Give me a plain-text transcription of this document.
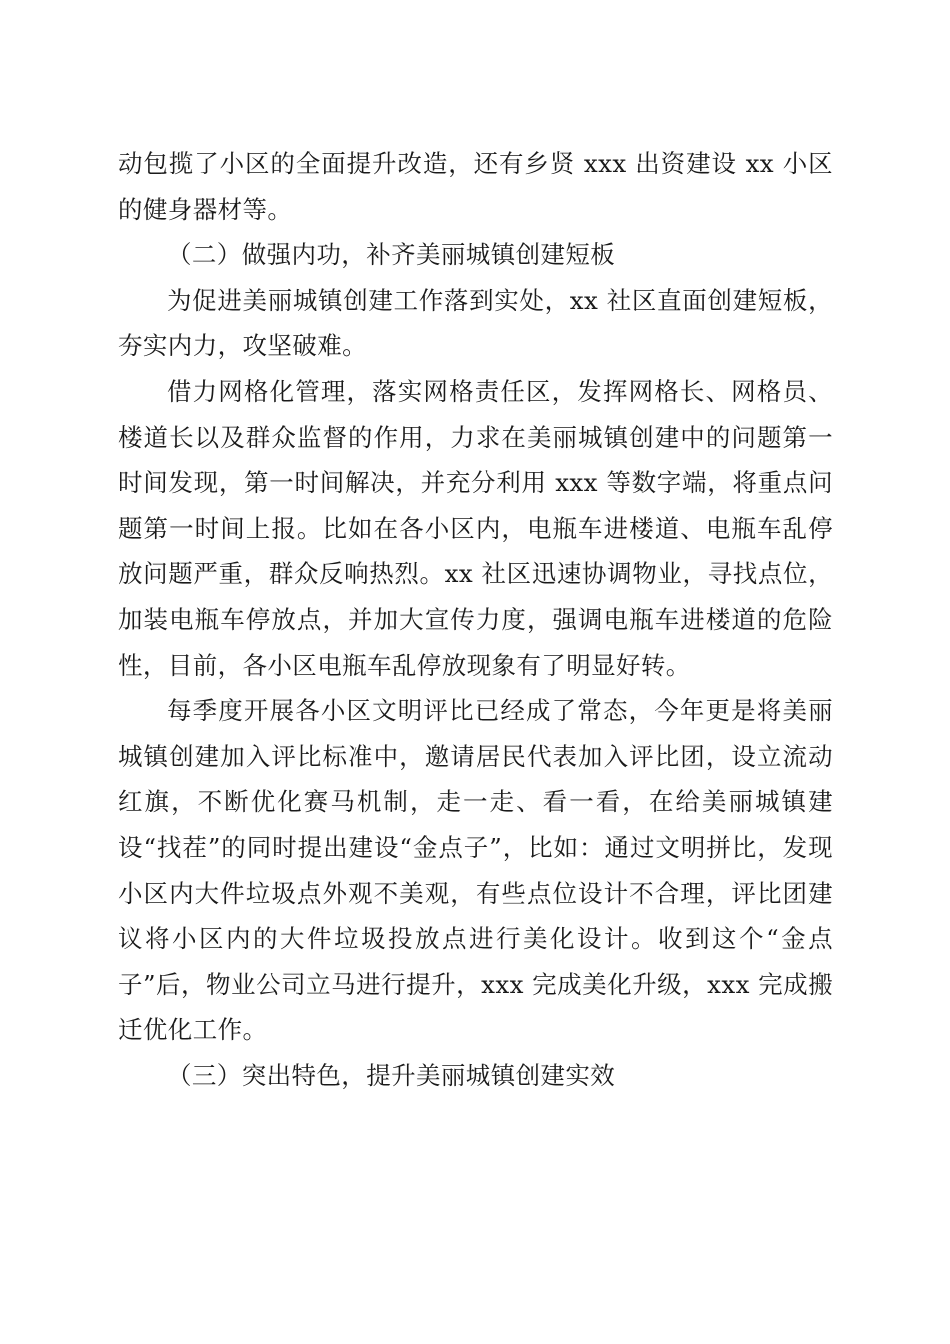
动包揽了小区的全面提升改造，还有乡贤 xxx 出资建设 xx 小区的健身器材等。

（二）做强内功，补齐美丽城镇创建短板

为促进美丽城镇创建工作落到实处，xx 社区直面创建短板，夯实内力，攻坚破难。

借力网格化管理，落实网格责任区，发挥网格长、网格员、楼道长以及群众监督的作用，力求在美丽城镇创建中的问题第一时间发现，第一时间解决，并充分利用 xxx 等数字端，将重点问题第一时间上报。比如在各小区内，电瓶车进楼道、电瓶车乱停放问题严重，群众反响热烈。xx 社区迅速协调物业，寻找点位，加装电瓶车停放点，并加大宣传力度，强调电瓶车进楼道的危险性，目前，各小区电瓶车乱停放现象有了明显好转。

每季度开展各小区文明评比已经成了常态，今年更是将美丽城镇创建加入评比标准中，邀请居民代表加入评比团，设立流动红旗，不断优化赛马机制，走一走、看一看，在给美丽城镇建设“找茬”的同时提出建设“金点子”，比如：通过文明拼比，发现小区内大件垃圾点外观不美观，有些点位设计不合理，评比团建议将小区内的大件垃圾投放点进行美化设计。收到这个“金点子”后，物业公司立马进行提升，xxx 完成美化升级，xxx 完成搬迁优化工作。

（三）突出特色，提升美丽城镇创建实效
